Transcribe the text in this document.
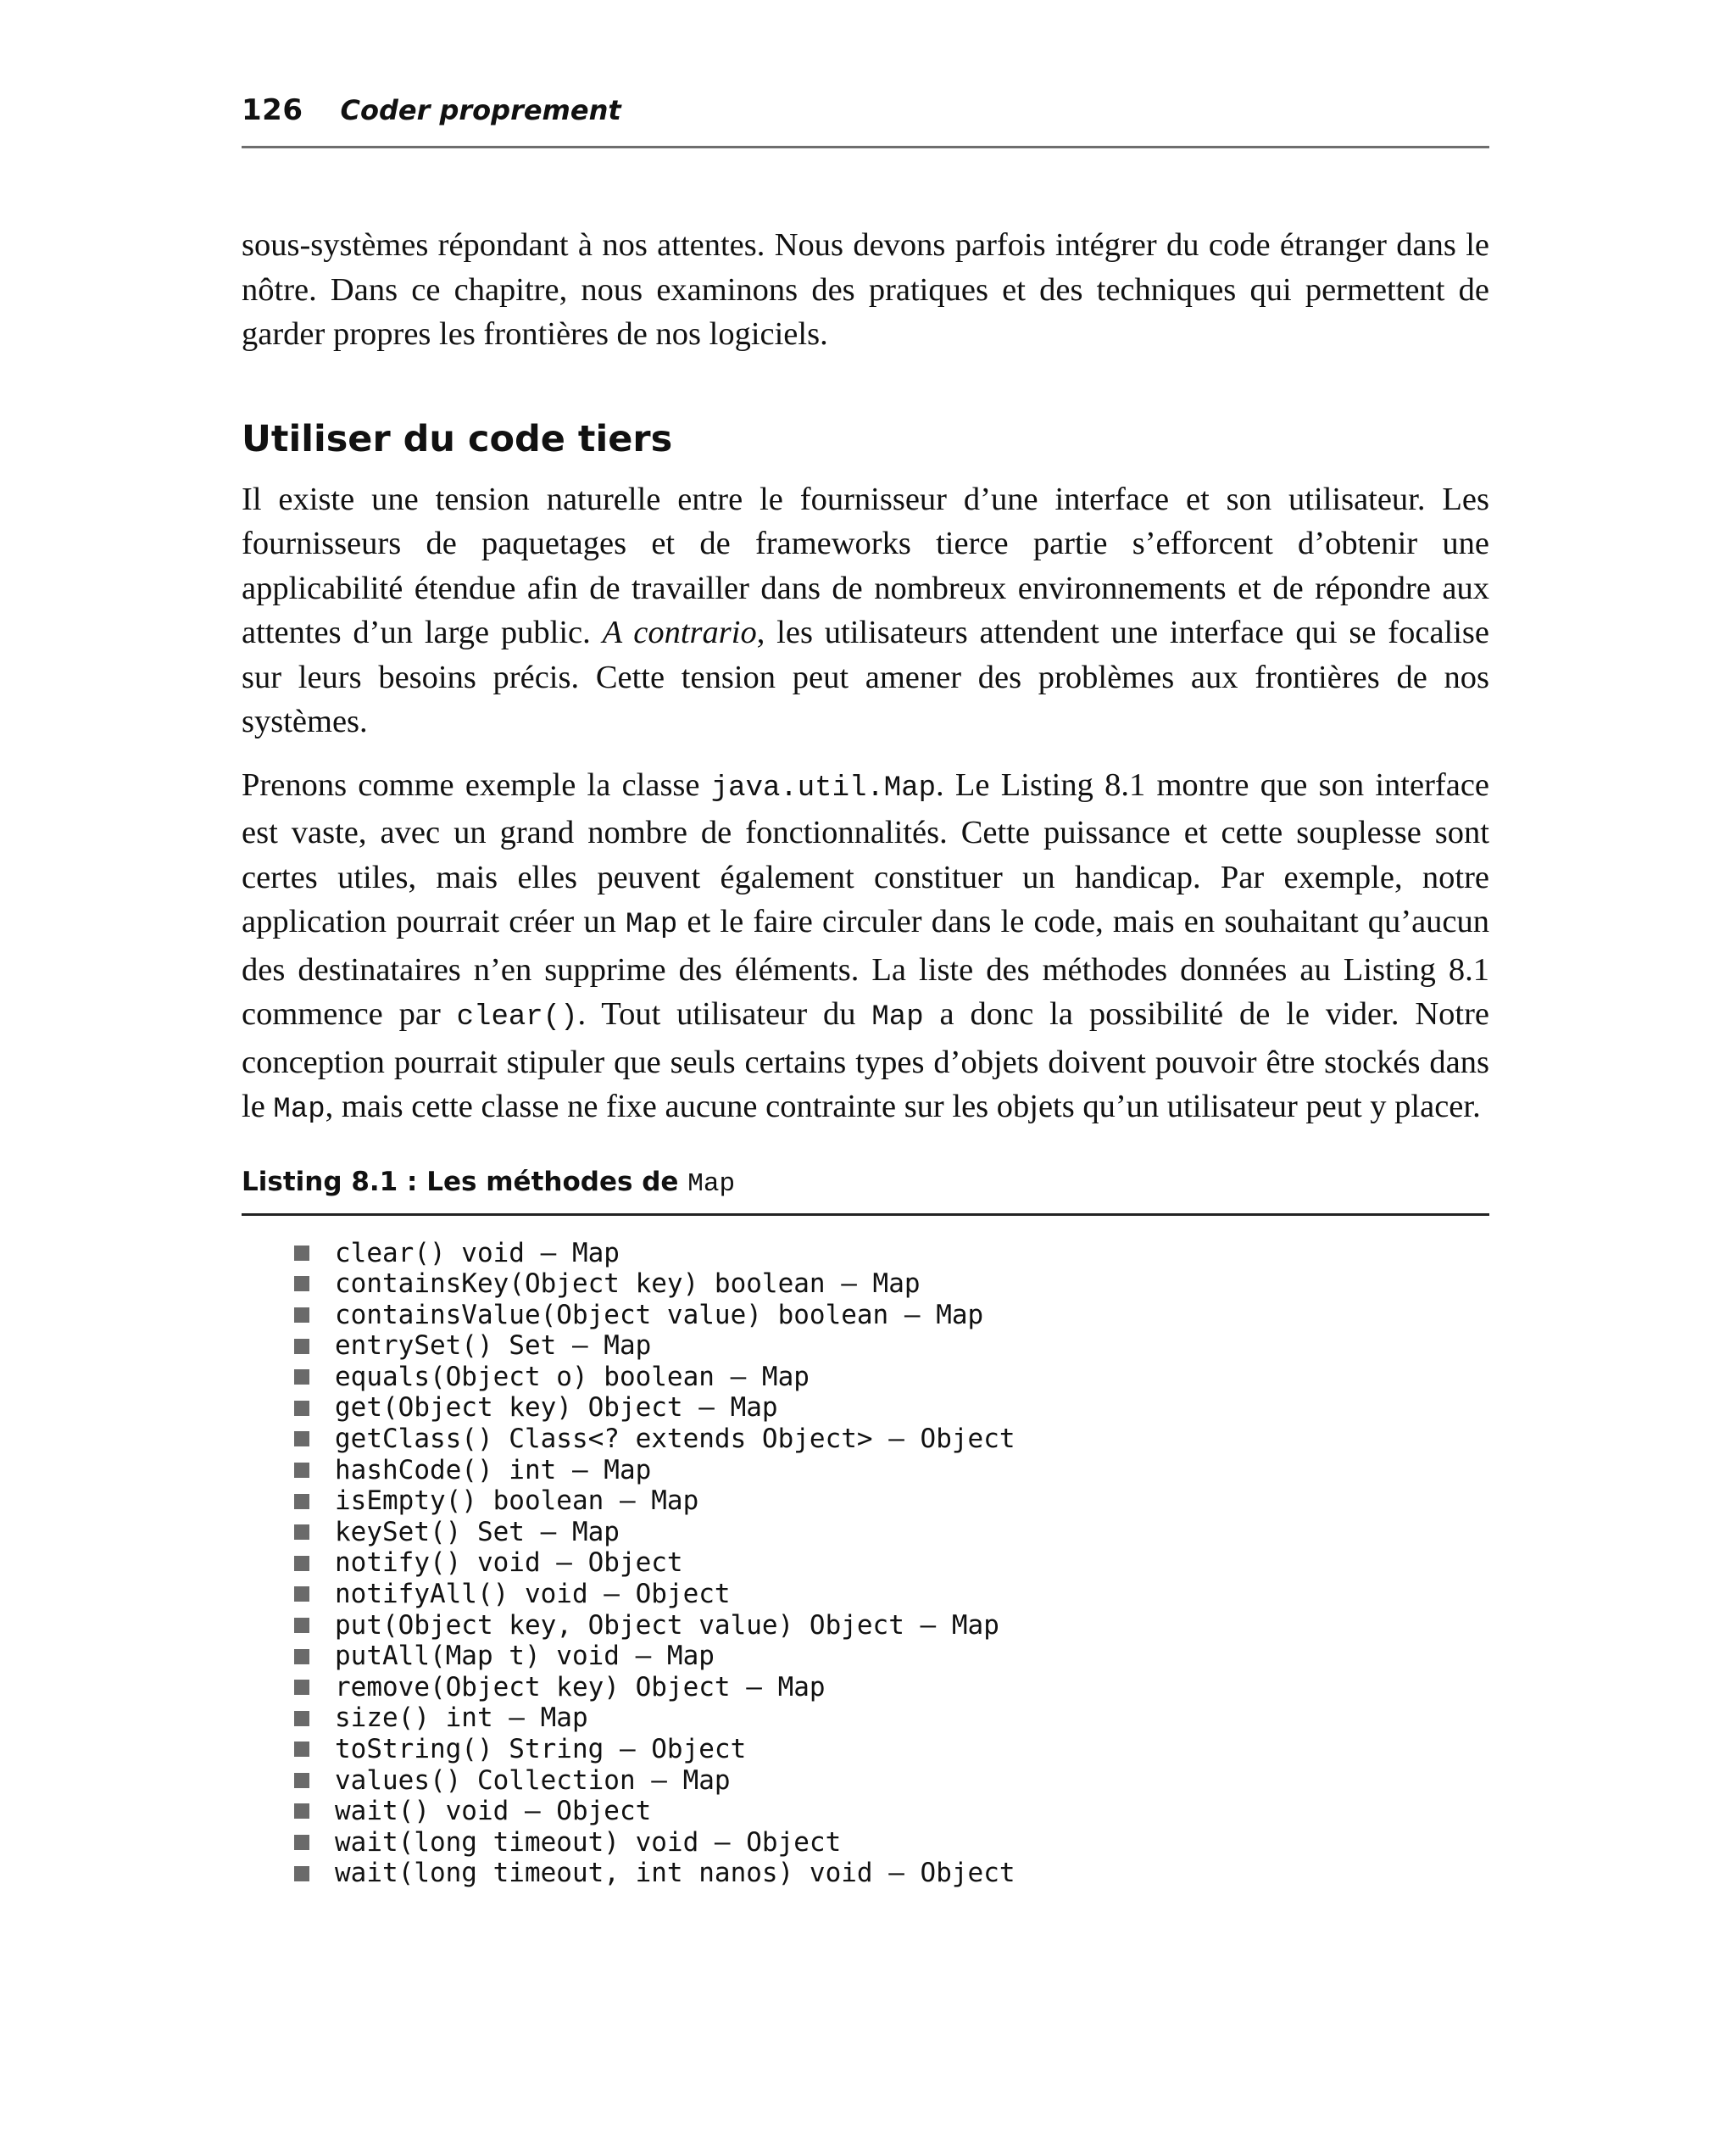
126 Coder proprement

sous-systèmes répondant à nos attentes. Nous devons parfois intégrer du code étranger dans le nôtre. Dans ce chapitre, nous examinons des pratiques et des techniques qui permettent de garder propres les frontières de nos logiciels.

Utiliser du code tiers

Il existe une tension naturelle entre le fournisseur d’une interface et son utilisateur. Les fournisseurs de paquetages et de frameworks tierce partie s’efforcent d’obtenir une applicabilité étendue afin de travailler dans de nombreux environnements et de répondre aux attentes d’un large public. A contrario, les utilisateurs attendent une interface qui se focalise sur leurs besoins précis. Cette tension peut amener des problèmes aux frontières de nos systèmes.

Prenons comme exemple la classe java.util.Map. Le Listing 8.1 montre que son interface est vaste, avec un grand nombre de fonctionnalités. Cette puissance et cette souplesse sont certes utiles, mais elles peuvent également constituer un handicap. Par exemple, notre application pourrait créer un Map et le faire circuler dans le code, mais en souhaitant qu’aucun des destinataires n’en supprime des éléments. La liste des méthodes données au Listing 8.1 commence par clear(). Tout utilisateur du Map a donc la possibilité de le vider. Notre conception pourrait stipuler que seuls certains types d’objets doivent pouvoir être stockés dans le Map, mais cette classe ne fixe aucune contrainte sur les objets qu’un utilisateur peut y placer.

Listing 8.1 : Les méthodes de Map
clear() void – Map
containsKey(Object key) boolean – Map
containsValue(Object value) boolean – Map
entrySet() Set – Map
equals(Object o) boolean – Map
get(Object key) Object – Map
getClass() Class<? extends Object> – Object
hashCode() int – Map
isEmpty() boolean – Map
keySet() Set – Map
notify() void – Object
notifyAll() void – Object
put(Object key, Object value) Object – Map
putAll(Map t) void – Map
remove(Object key) Object – Map
size() int – Map
toString() String – Object
values() Collection – Map
wait() void – Object
wait(long timeout) void – Object
wait(long timeout, int nanos) void – Object
